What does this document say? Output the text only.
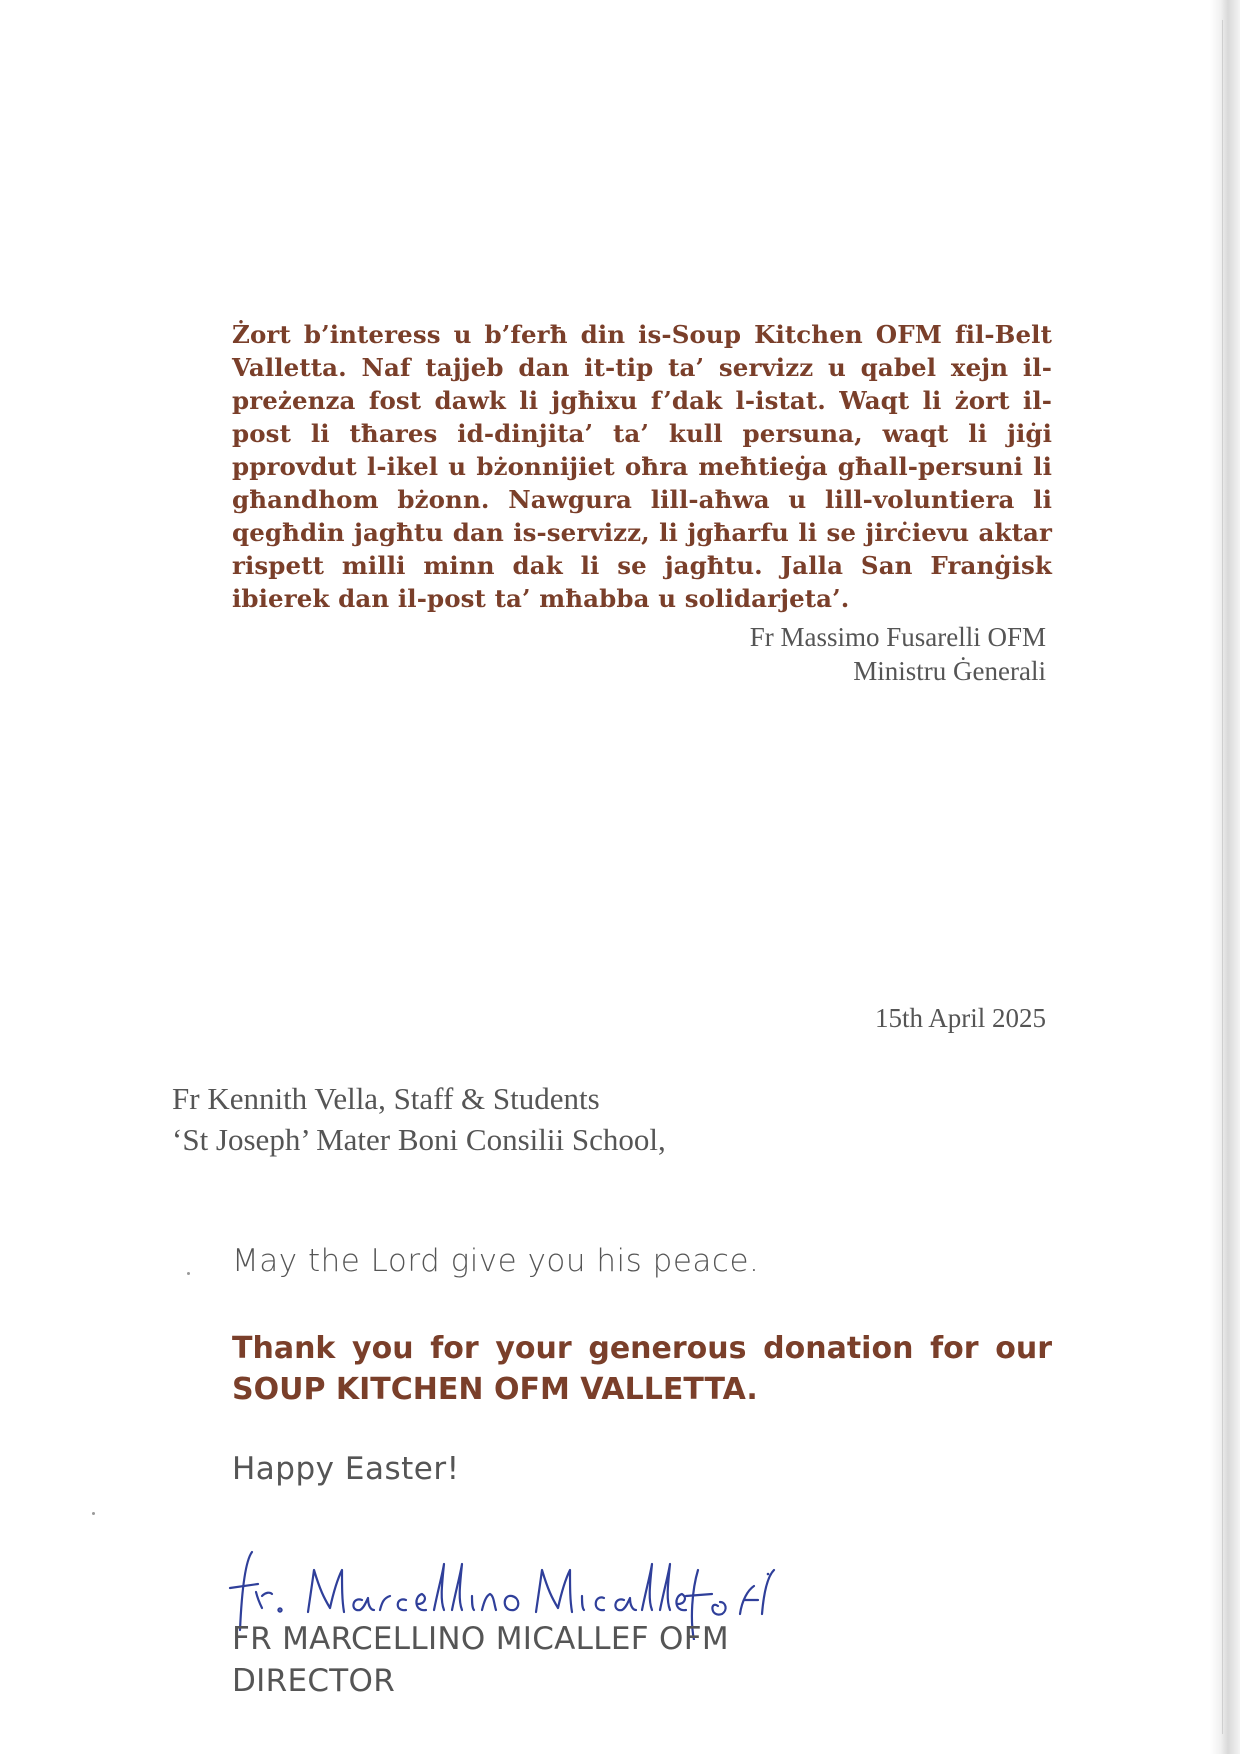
Żort b’interess u b’ferħ din is-Soup Kitchen OFM fil-Belt Valletta. Naf tajjeb dan it-tip ta’ servizz u qabel xejn il-preżenza fost dawk li jgħixu f’dak l-istat. Waqt li żort il-post li tħares id-dinjita’ ta’ kull persuna, waqt li jiġi pprovdut l-ikel u bżonnijiet oħra meħtieġa għall-persuni li għandhom bżonn. Nawgura lill-aħwa u lill-voluntiera li qegħdin jagħtu dan is-servizz, li jgħarfu li se jirċievu aktar rispett milli minn dak li se jagħtu. Jalla San Franġisk ibierek dan il-post ta’ mħabba u solidarjeta’.
Fr Massimo Fusarelli OFM
Ministru Ġenerali
15th April 2025
Fr Kennith Vella, Staff & Students
‘St Joseph’ Mater Boni Consilii School,
May the Lord give you his peace.
Thank you for your generous donation for our SOUP KITCHEN OFM VALLETTA.
Happy Easter!
FR MARCELLINO MICALLEF OFM
DIRECTOR
